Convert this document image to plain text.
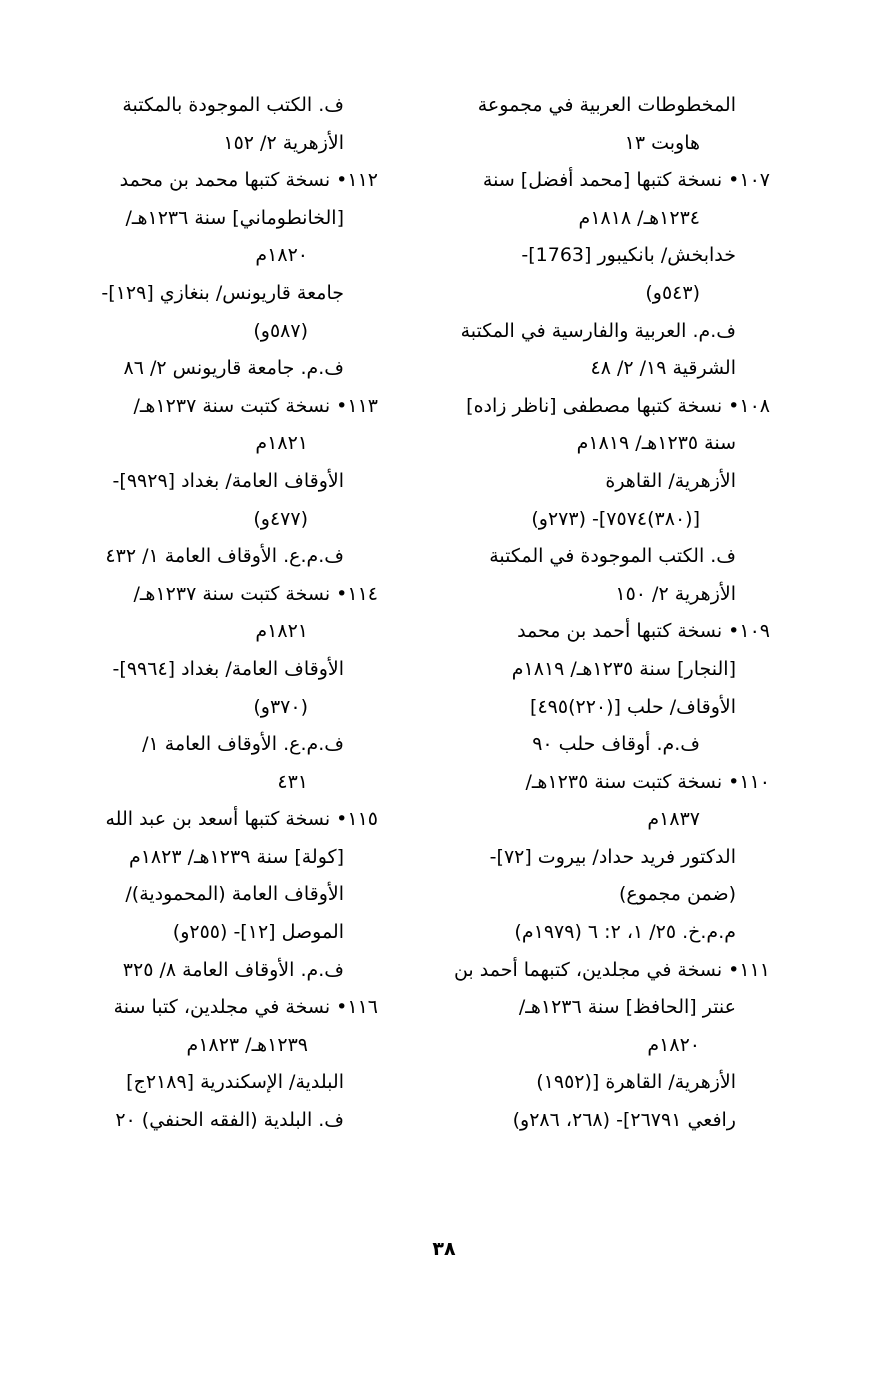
المخطوطات العربية في مجموعة
هاوبت ١٣
١٠٧• نسخة كتبها [محمد أفضل] سنة
١٢٣٤هـ/ ١٨١٨م
خدابخش/ بانكيبور [1763]-
(٥٤٣و)
ف.م. العربية والفارسية في المكتبة
الشرقية ١٩/ ٢/ ٤٨
١٠٨• نسخة كتبها مصطفى [ناظر زاده]
سنة ١٢٣٥هـ/ ١٨١٩م
الأزهرية/ القاهرة
[(٣٨٠)٧٥٧٤]- (٢٧٣و)
ف. الكتب الموجودة في المكتبة
الأزهرية ٢/ ١٥٠
١٠٩• نسخة كتبها أحمد بن محمد
[النجار] سنة ١٢٣٥هـ/ ١٨١٩م
الأوقاف/ حلب [(٢٢٠)٤٩٥]
ف.م. أوقاف حلب ٩٠
١١٠• نسخة كتبت سنة ١٢٣٥هـ/
١٨٣٧م
الدكتور فريد حداد/ بيروت [٧٢]-
(ضمن مجموع)
م.م.خ. ٢٥/ ١، ٢: ٦ (١٩٧٩م)
١١١• نسخة في مجلدين، كتبهما أحمد بن
عنتر [الحافظ] سنة ١٢٣٦هـ/
١٨٢٠م
الأزهرية/ القاهرة [(١٩٥٢)
رافعي ٢٦٧٩١]- (٢٦٨، ٢٨٦و)
ف. الكتب الموجودة بالمكتبة
الأزهرية ٢/ ١٥٢
١١٢• نسخة كتبها محمد بن محمد
[الخانطوماني] سنة ١٢٣٦هـ/
١٨٢٠م
جامعة قاريونس/ بنغازي [١٢٩]-
(٥٨٧و)
ف.م. جامعة قاريونس ٢/ ٨٦
١١٣• نسخة كتبت سنة ١٢٣٧هـ/
١٨٢١م
الأوقاف العامة/ بغداد [٩٩٢٩]-
(٤٧٧و)
ف.م.ع. الأوقاف العامة ١/ ٤٣٢
١١٤• نسخة كتبت سنة ١٢٣٧هـ/
١٨٢١م
الأوقاف العامة/ بغداد [٩٩٦٤]-
(٣٧٠و)
ف.م.ع. الأوقاف العامة ١/
٤٣١
١١٥• نسخة كتبها أسعد بن عبد الله
[كولة] سنة ١٢٣٩هـ/ ١٨٢٣م
الأوقاف العامة (المحمودية)/
الموصل [١٢]- (٢٥٥و)
ف.م. الأوقاف العامة ٨/ ٣٢٥
١١٦• نسخة في مجلدين، كتبا سنة
١٢٣٩هـ/ ١٨٢٣م
البلدية/ الإسكندرية [٢١٨٩ج]
ف. البلدية (الفقه الحنفي) ٢٠
٣٨
